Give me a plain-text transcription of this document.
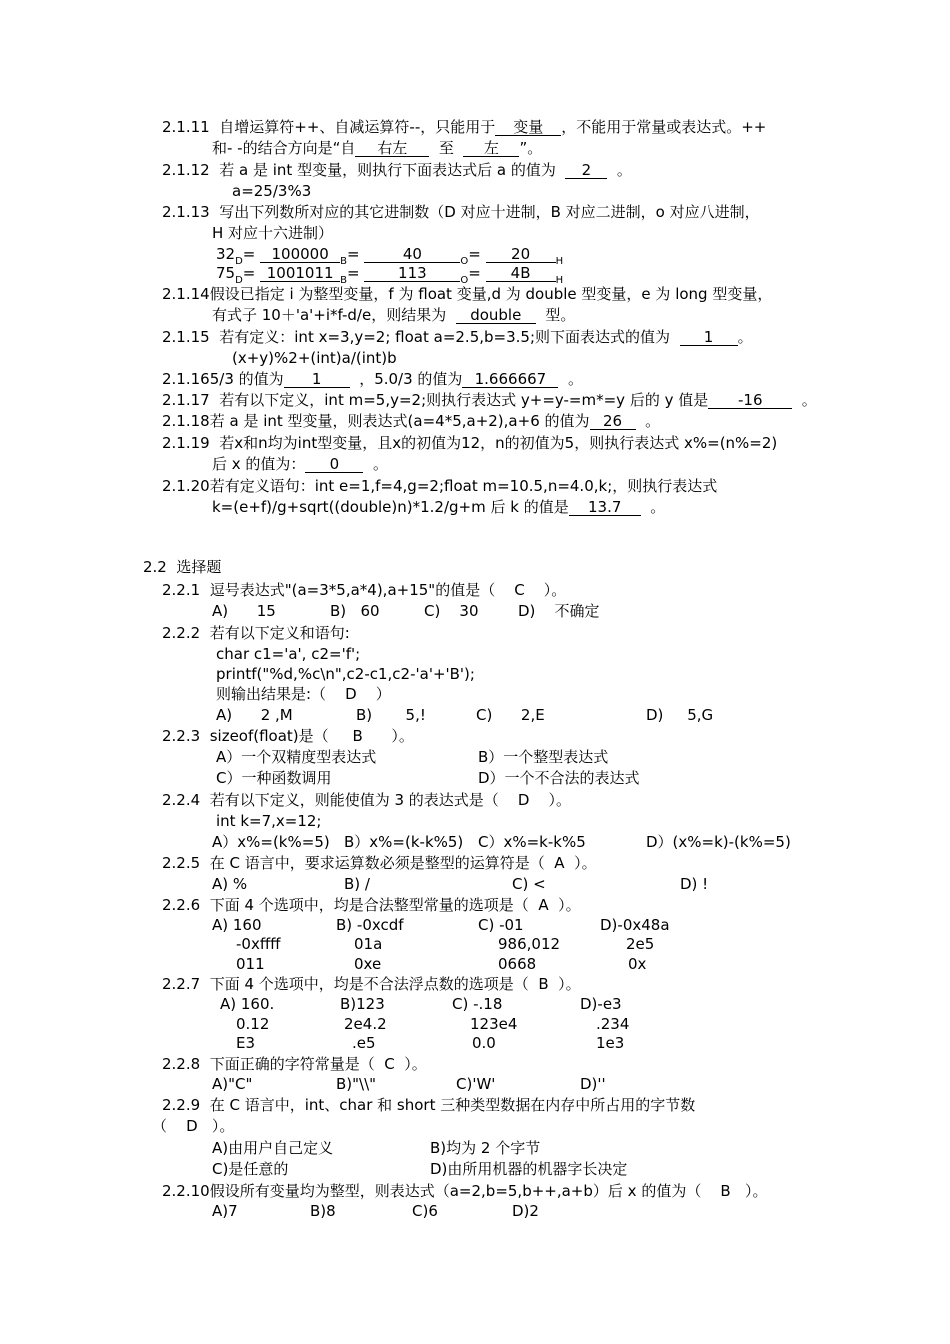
2.1.11 自增运算符++、自减运算符--，只能用于 变量 ，不能用于常量或表达式。++
和- -的结合方向是“自 右左 至 左 ”。
2.1.12 若 a 是 int 型变量，则执行下面表达式后 a 的值为 2 。
a=25/3%3
2.1.13 写出下列数所对应的其它进制数（D 对应十进制，B 对应二进制，o 对应八进制，
H 对应十六进制）
$32_D= 100000$ $_B$=	40	$_O$= 20	$_H$
$75_D= 1001011$ $_B$= 113	$_O$= 4B	$_H$
2.1.14假设已指定 i 为整型变量，f 为 float 变量,d 为 double 型变量，e 为 long 型变量，
有式子 10＋'a'+i*f-d/e，则结果为 double 型。
2.1.15 若有定义：int x=3,y=2; float a=2.5,b=3.5;则下面表达式的值为 1 。
(x+y)%2+(int)a/(int)b
2.1.165/3 的值为 1	，5.0/3 的值为 1.666667 。
2.1.17 若有以下定义，int m=5,y=2;则执行表达式 y+=y-=m*=y 后的 y 值是 -16	。
2.1.18若 a 是 int 型变量，则表达式(a=4*5,a+2),a+6 的值为 26 。
2.1.19 若x和n均为int型变量，且x的初值为12，n的初值为5，则执行表达式 x%=(n%=2)
后 x 的值为： 0 。
2.1.20若有定义语句：int e=1,f=4,g=2;float m=10.5,n=4.0,k;，则执行表达式
k=(e+f)/g+sqrt((double)n)*1.2/g+m 后 k 的值是 13.7 。
2.2  选择题
2.2.1 逗号表达式"(a=3*5,a*4),a+15"的值是（    C    ）。
A)      15	B)   60	C)    30	D)    不确定
2.2.2 若有以下定义和语句:
char c1='a', c2='f';
printf("%d,%c\n",c2-c1,c2-'a'+'B');
则输出结果是:（    D    ）
A)      2 ,M	B)       5,!	C)      2,E	D)     5,G
2.2.3 sizeof(float)是（     B      ）。
A）一个双精度型表达式	B）一个整型表达式
C）一种函数调用	D）一个不合法的表达式
2.2.4 若有以下定义，则能使值为 3 的表达式是（    D    ）。
int k=7,x=12;
A）x%=(k%=5) B）x%=(k-k%5) C）x%=k-k%5	D）(x%=k)-(k%=5)
2.2.5 在 C 语言中，要求运算数必须是整型的运算符是（  A  ）。
A) %	B) /	C) <	D) !
2.2.6 下面 4 个选项中，均是合法整型常量的选项是（  A  ）。
A) 160	B) -0xcdf	C) -01	D)-0x48a
-0xffff	01a	986,012	2e5
011	0xe	0668	0x
2.2.7 下面 4 个选项中，均是不合法浮点数的选项是（  B  ）。
A) 160.	B)123	C) -.18	D)-e3
0.12	2e4.2	123e4	.234
E3	.e5	0.0	1e3
2.2.8 下面正确的字符常量是（  C  ）。
A)"C"	B)"\\"	C)'W'	D)''
2.2.9 在 C 语言中，int、char 和 short 三种类型数据在内存中所占用的字节数
（    D   ）。
A)由用户自己定义	B)均为 2 个字节
C)是任意的	D)由所用机器的机器字长决定
2.2.10假设所有变量均为整型，则表达式（a=2,b=5,b++,a+b）后 x 的值为（    B   ）。
A)7	B)8	C)6	D)2
